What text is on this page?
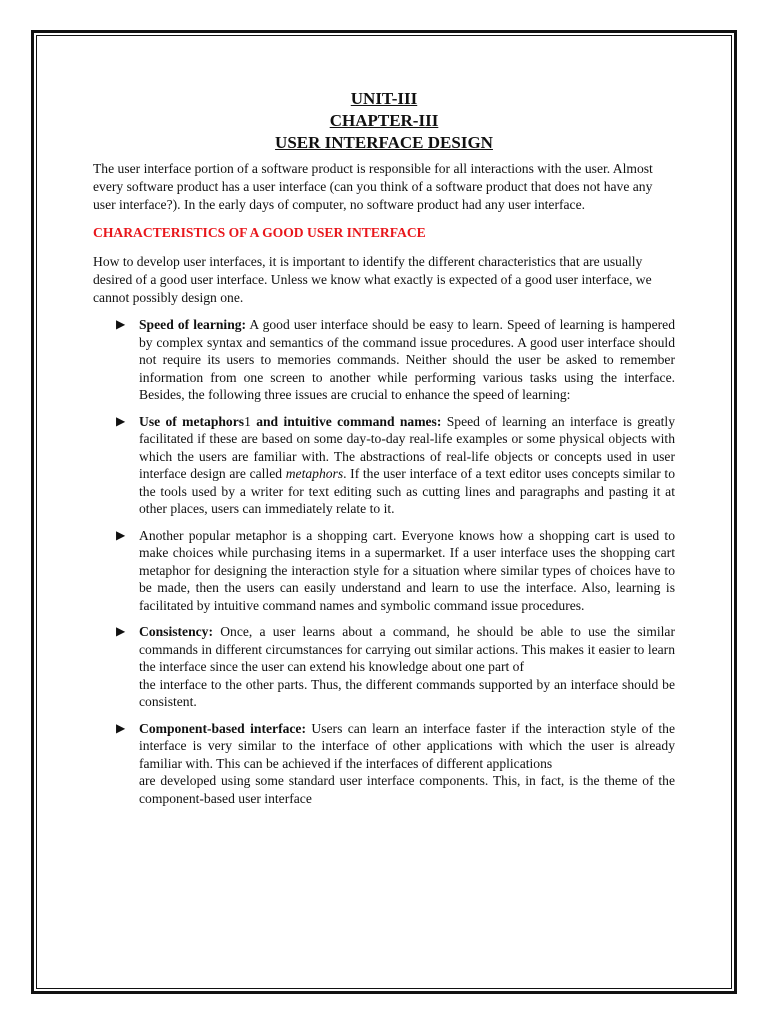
UNIT-III
CHAPTER-III
USER INTERFACE DESIGN

The user interface portion of a software product is responsible for all interactions with the user. Almost every software product has a user interface (can you think of a software product that does not have any user interface?). In the early days of computer, no software product had any user interface.

CHARACTERISTICS OF A GOOD USER INTERFACE

How to develop user interfaces, it is important to identify the different characteristics that are usually desired of a good user interface. Unless we know what exactly is expected of a good user interface, we cannot possibly design one.

▶ Speed of learning: A good user interface should be easy to learn. Speed of learning is hampered by complex syntax and semantics of the command issue procedures. A good user interface should not require its users to memories commands. Neither should the user be asked to remember information from one screen to another while performing various tasks using the interface. Besides, the following three issues are crucial to enhance the speed of learning:
▶ Use of metaphors1 and intuitive command names: Speed of learning an interface is greatly facilitated if these are based on some day-to-day real-life examples or some physical objects with which the users are familiar with. The abstractions of real-life objects or concepts used in user interface design are called metaphors. If the user interface of a text editor uses concepts similar to the tools used by a writer for text editing such as cutting lines and paragraphs and pasting it at other places, users can immediately relate to it.
▶ Another popular metaphor is a shopping cart. Everyone knows how a shopping cart is used to make choices while purchasing items in a supermarket. If a user interface uses the shopping cart metaphor for designing the interaction style for a situation where similar types of choices have to be made, then the users can easily understand and learn to use the interface. Also, learning is facilitated by intuitive command names and symbolic command issue procedures.
▶ Consistency: Once, a user learns about a command, he should be able to use the similar commands in different circumstances for carrying out similar actions. This makes it easier to learn the interface since the user can extend his knowledge about one part of
the interface to the other parts. Thus, the different commands supported by an interface should be consistent.
▶ Component-based interface: Users can learn an interface faster if the interaction style of the interface is very similar to the interface of other applications with which the user is already familiar with. This can be achieved if the interfaces of different applications
are developed using some standard user interface components. This, in fact, is the theme of the component-based user interface
